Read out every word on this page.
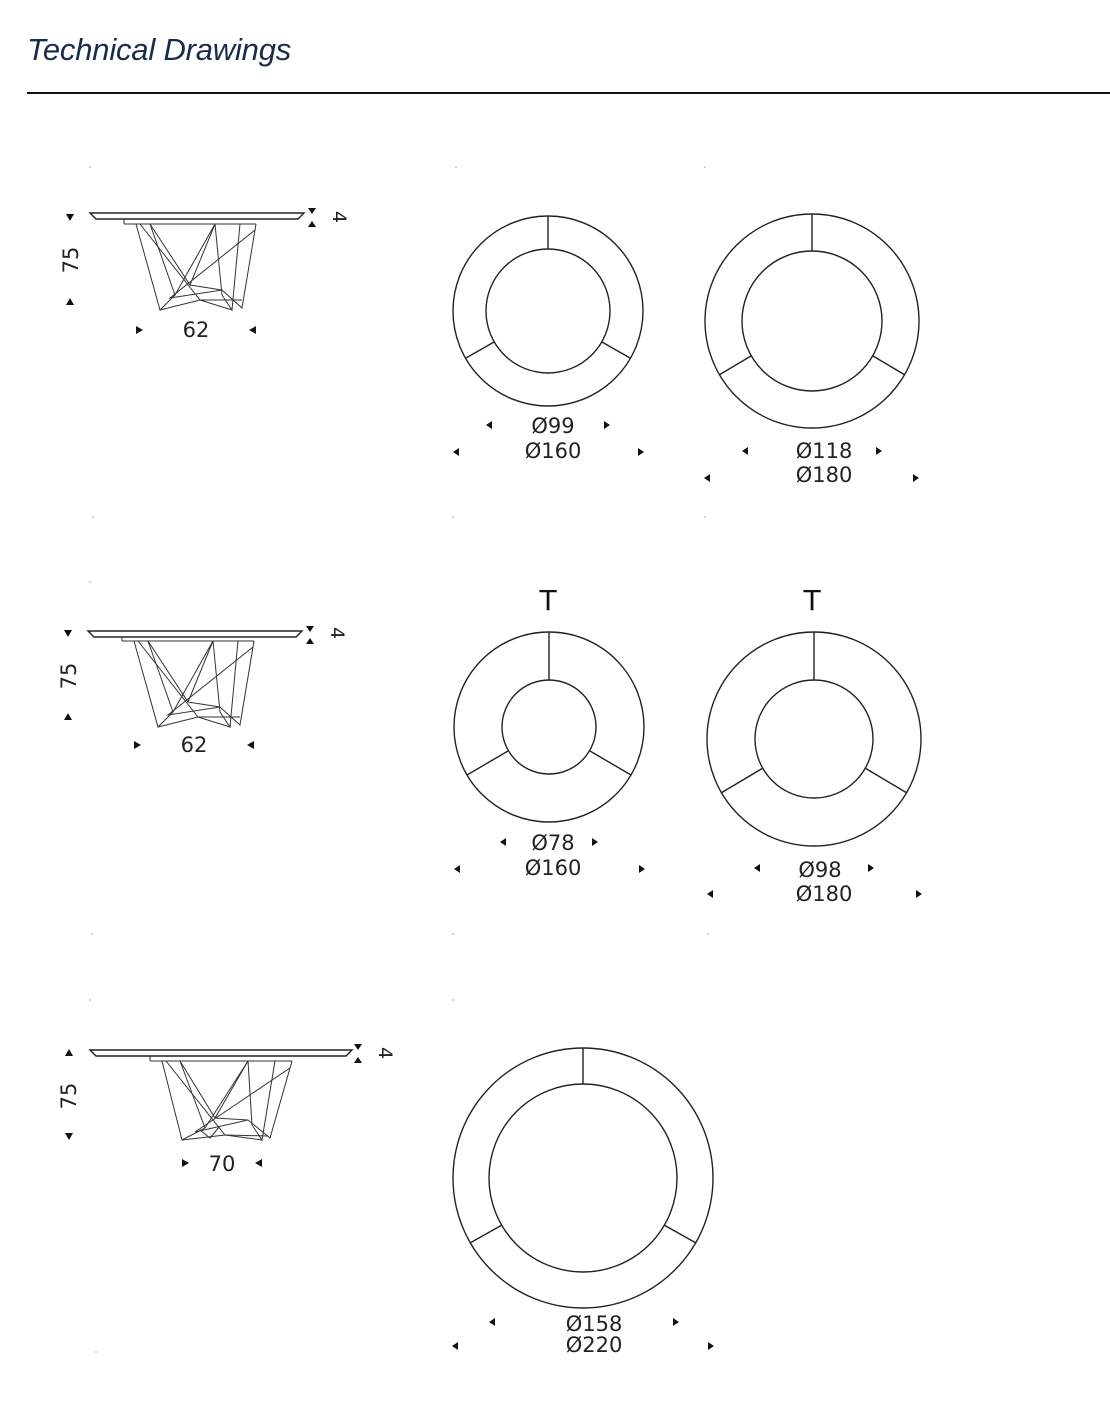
Technical Drawings
75
4
62
Ø99
Ø160	Ø118
Ø180
75
4
62
T
Ø78
Ø160
T
Ø98
Ø180
75
4
70
Ø158
Ø220
